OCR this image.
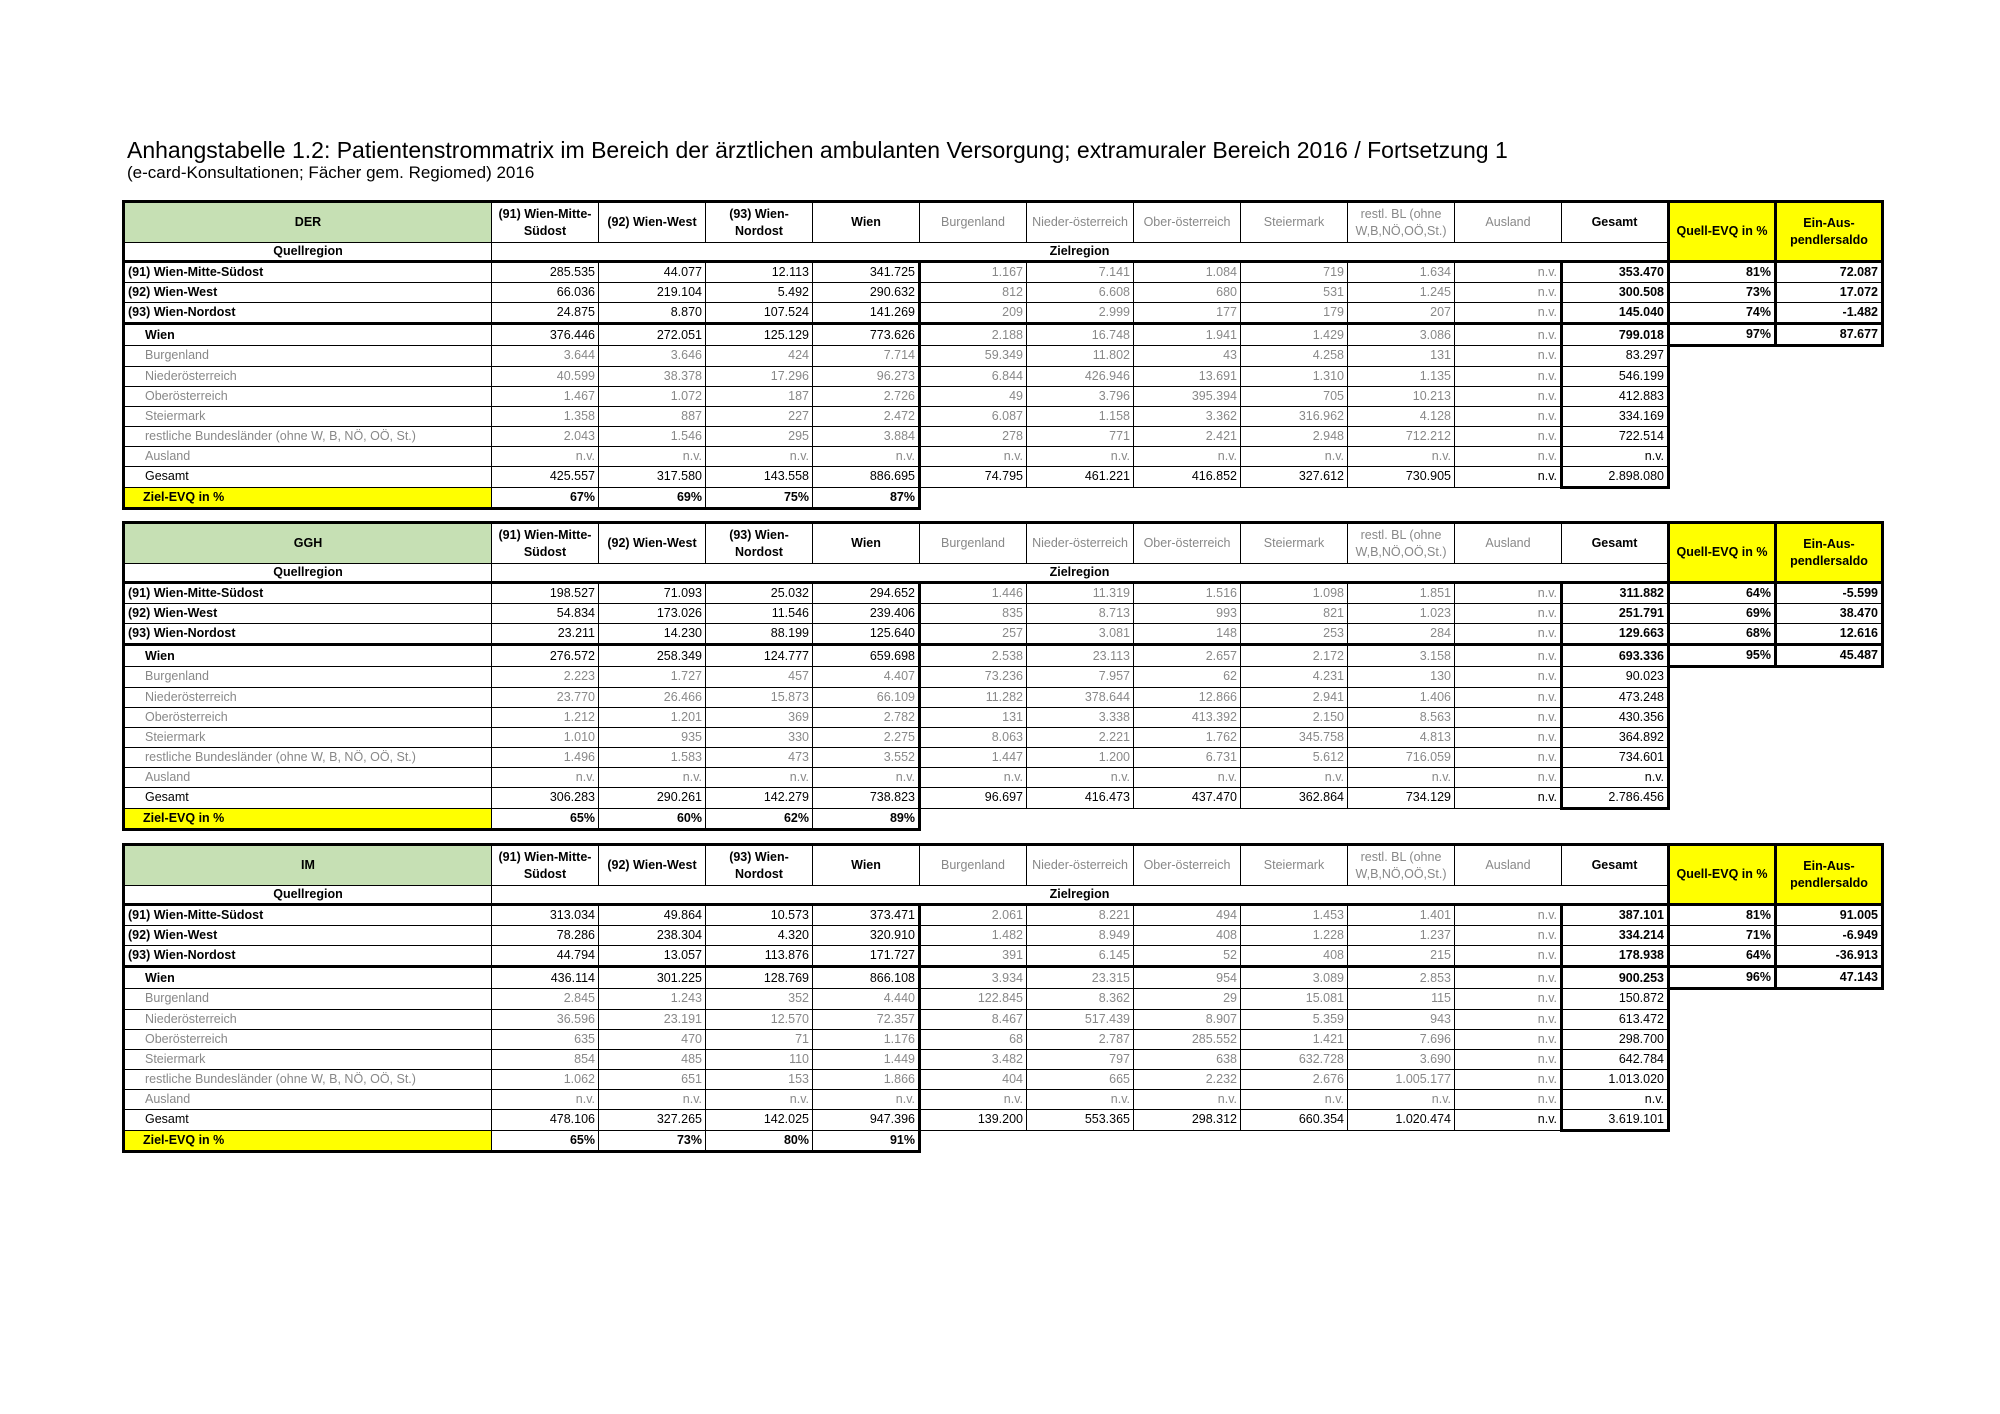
Anhangstabelle 1.2: Patientenstrommatrix im Bereich der ärztlichen ambulanten Versorgung; extramuraler Bereich 2016 / Fortsetzung 1
(e-card-Konsultationen; Fächer gem. Regiomed) 2016
DER	(91) Wien-Mitte-Südost	(92) Wien-West	(93) Wien-Nordost	Wien	Burgenland	Nieder-österreich	Ober-österreich	Steiermark	restl. BL (ohne W,B,NÖ,OÖ,St.)	Ausland	Gesamt	Quell-EVQ in %	Ein-Aus-pendlersaldo
Quellregion	Zielregion												
(91) Wien-Mitte-Südost	285.535	44.077	12.113	341.725	1.167	7.141	1.084	719	1.634	n.v.	353.470	81%	72.087
(92) Wien-West	66.036	219.104	5.492	290.632	812	6.608	680	531	1.245	n.v.	300.508	73%	17.072
(93) Wien-Nordost	24.875	8.870	107.524	141.269	209	2.999	177	179	207	n.v.	145.040	74%	-1.482
Wien	376.446	272.051	125.129	773.626	2.188	16.748	1.941	1.429	3.086	n.v.	799.018	97%	87.677
Burgenland	3.644	3.646	424	7.714	59.349	11.802	43	4.258	131	n.v.	83.297		
Niederösterreich	40.599	38.378	17.296	96.273	6.844	426.946	13.691	1.310	1.135	n.v.	546.199		
Oberösterreich	1.467	1.072	187	2.726	49	3.796	395.394	705	10.213	n.v.	412.883		
Steiermark	1.358	887	227	2.472	6.087	1.158	3.362	316.962	4.128	n.v.	334.169		
restliche Bundesländer (ohne W, B, NÖ, OÖ, St.)	2.043	1.546	295	3.884	278	771	2.421	2.948	712.212	n.v.	722.514		
Ausland	n.v.	n.v.	n.v.	n.v.	n.v.	n.v.	n.v.	n.v.	n.v.	n.v.	n.v.		
Gesamt	425.557	317.580	143.558	886.695	74.795	461.221	416.852	327.612	730.905	n.v.	2.898.080		
Ziel-EVQ in %	67%	69%	75%	87%									
GGH	(91) Wien-Mitte-Südost	(92) Wien-West	(93) Wien-Nordost	Wien	Burgenland	Nieder-österreich	Ober-österreich	Steiermark	restl. BL (ohne W,B,NÖ,OÖ,St.)	Ausland	Gesamt	Quell-EVQ in %	Ein-Aus-pendlersaldo
Quellregion	Zielregion												
(91) Wien-Mitte-Südost	198.527	71.093	25.032	294.652	1.446	11.319	1.516	1.098	1.851	n.v.	311.882	64%	-5.599
(92) Wien-West	54.834	173.026	11.546	239.406	835	8.713	993	821	1.023	n.v.	251.791	69%	38.470
(93) Wien-Nordost	23.211	14.230	88.199	125.640	257	3.081	148	253	284	n.v.	129.663	68%	12.616
Wien	276.572	258.349	124.777	659.698	2.538	23.113	2.657	2.172	3.158	n.v.	693.336	95%	45.487
Burgenland	2.223	1.727	457	4.407	73.236	7.957	62	4.231	130	n.v.	90.023		
Niederösterreich	23.770	26.466	15.873	66.109	11.282	378.644	12.866	2.941	1.406	n.v.	473.248		
Oberösterreich	1.212	1.201	369	2.782	131	3.338	413.392	2.150	8.563	n.v.	430.356		
Steiermark	1.010	935	330	2.275	8.063	2.221	1.762	345.758	4.813	n.v.	364.892		
restliche Bundesländer (ohne W, B, NÖ, OÖ, St.)	1.496	1.583	473	3.552	1.447	1.200	6.731	5.612	716.059	n.v.	734.601		
Ausland	n.v.	n.v.	n.v.	n.v.	n.v.	n.v.	n.v.	n.v.	n.v.	n.v.	n.v.		
Gesamt	306.283	290.261	142.279	738.823	96.697	416.473	437.470	362.864	734.129	n.v.	2.786.456		
Ziel-EVQ in %	65%	60%	62%	89%									
IM	(91) Wien-Mitte-Südost	(92) Wien-West	(93) Wien-Nordost	Wien	Burgenland	Nieder-österreich	Ober-österreich	Steiermark	restl. BL (ohne W,B,NÖ,OÖ,St.)	Ausland	Gesamt	Quell-EVQ in %	Ein-Aus-pendlersaldo
Quellregion	Zielregion												
(91) Wien-Mitte-Südost	313.034	49.864	10.573	373.471	2.061	8.221	494	1.453	1.401	n.v.	387.101	81%	91.005
(92) Wien-West	78.286	238.304	4.320	320.910	1.482	8.949	408	1.228	1.237	n.v.	334.214	71%	-6.949
(93) Wien-Nordost	44.794	13.057	113.876	171.727	391	6.145	52	408	215	n.v.	178.938	64%	-36.913
Wien	436.114	301.225	128.769	866.108	3.934	23.315	954	3.089	2.853	n.v.	900.253	96%	47.143
Burgenland	2.845	1.243	352	4.440	122.845	8.362	29	15.081	115	n.v.	150.872		
Niederösterreich	36.596	23.191	12.570	72.357	8.467	517.439	8.907	5.359	943	n.v.	613.472		
Oberösterreich	635	470	71	1.176	68	2.787	285.552	1.421	7.696	n.v.	298.700		
Steiermark	854	485	110	1.449	3.482	797	638	632.728	3.690	n.v.	642.784		
restliche Bundesländer (ohne W, B, NÖ, OÖ, St.)	1.062	651	153	1.866	404	665	2.232	2.676	1.005.177	n.v.	1.013.020		
Ausland	n.v.	n.v.	n.v.	n.v.	n.v.	n.v.	n.v.	n.v.	n.v.	n.v.	n.v.		
Gesamt	478.106	327.265	142.025	947.396	139.200	553.365	298.312	660.354	1.020.474	n.v.	3.619.101		
Ziel-EVQ in %	65%	73%	80%	91%									
